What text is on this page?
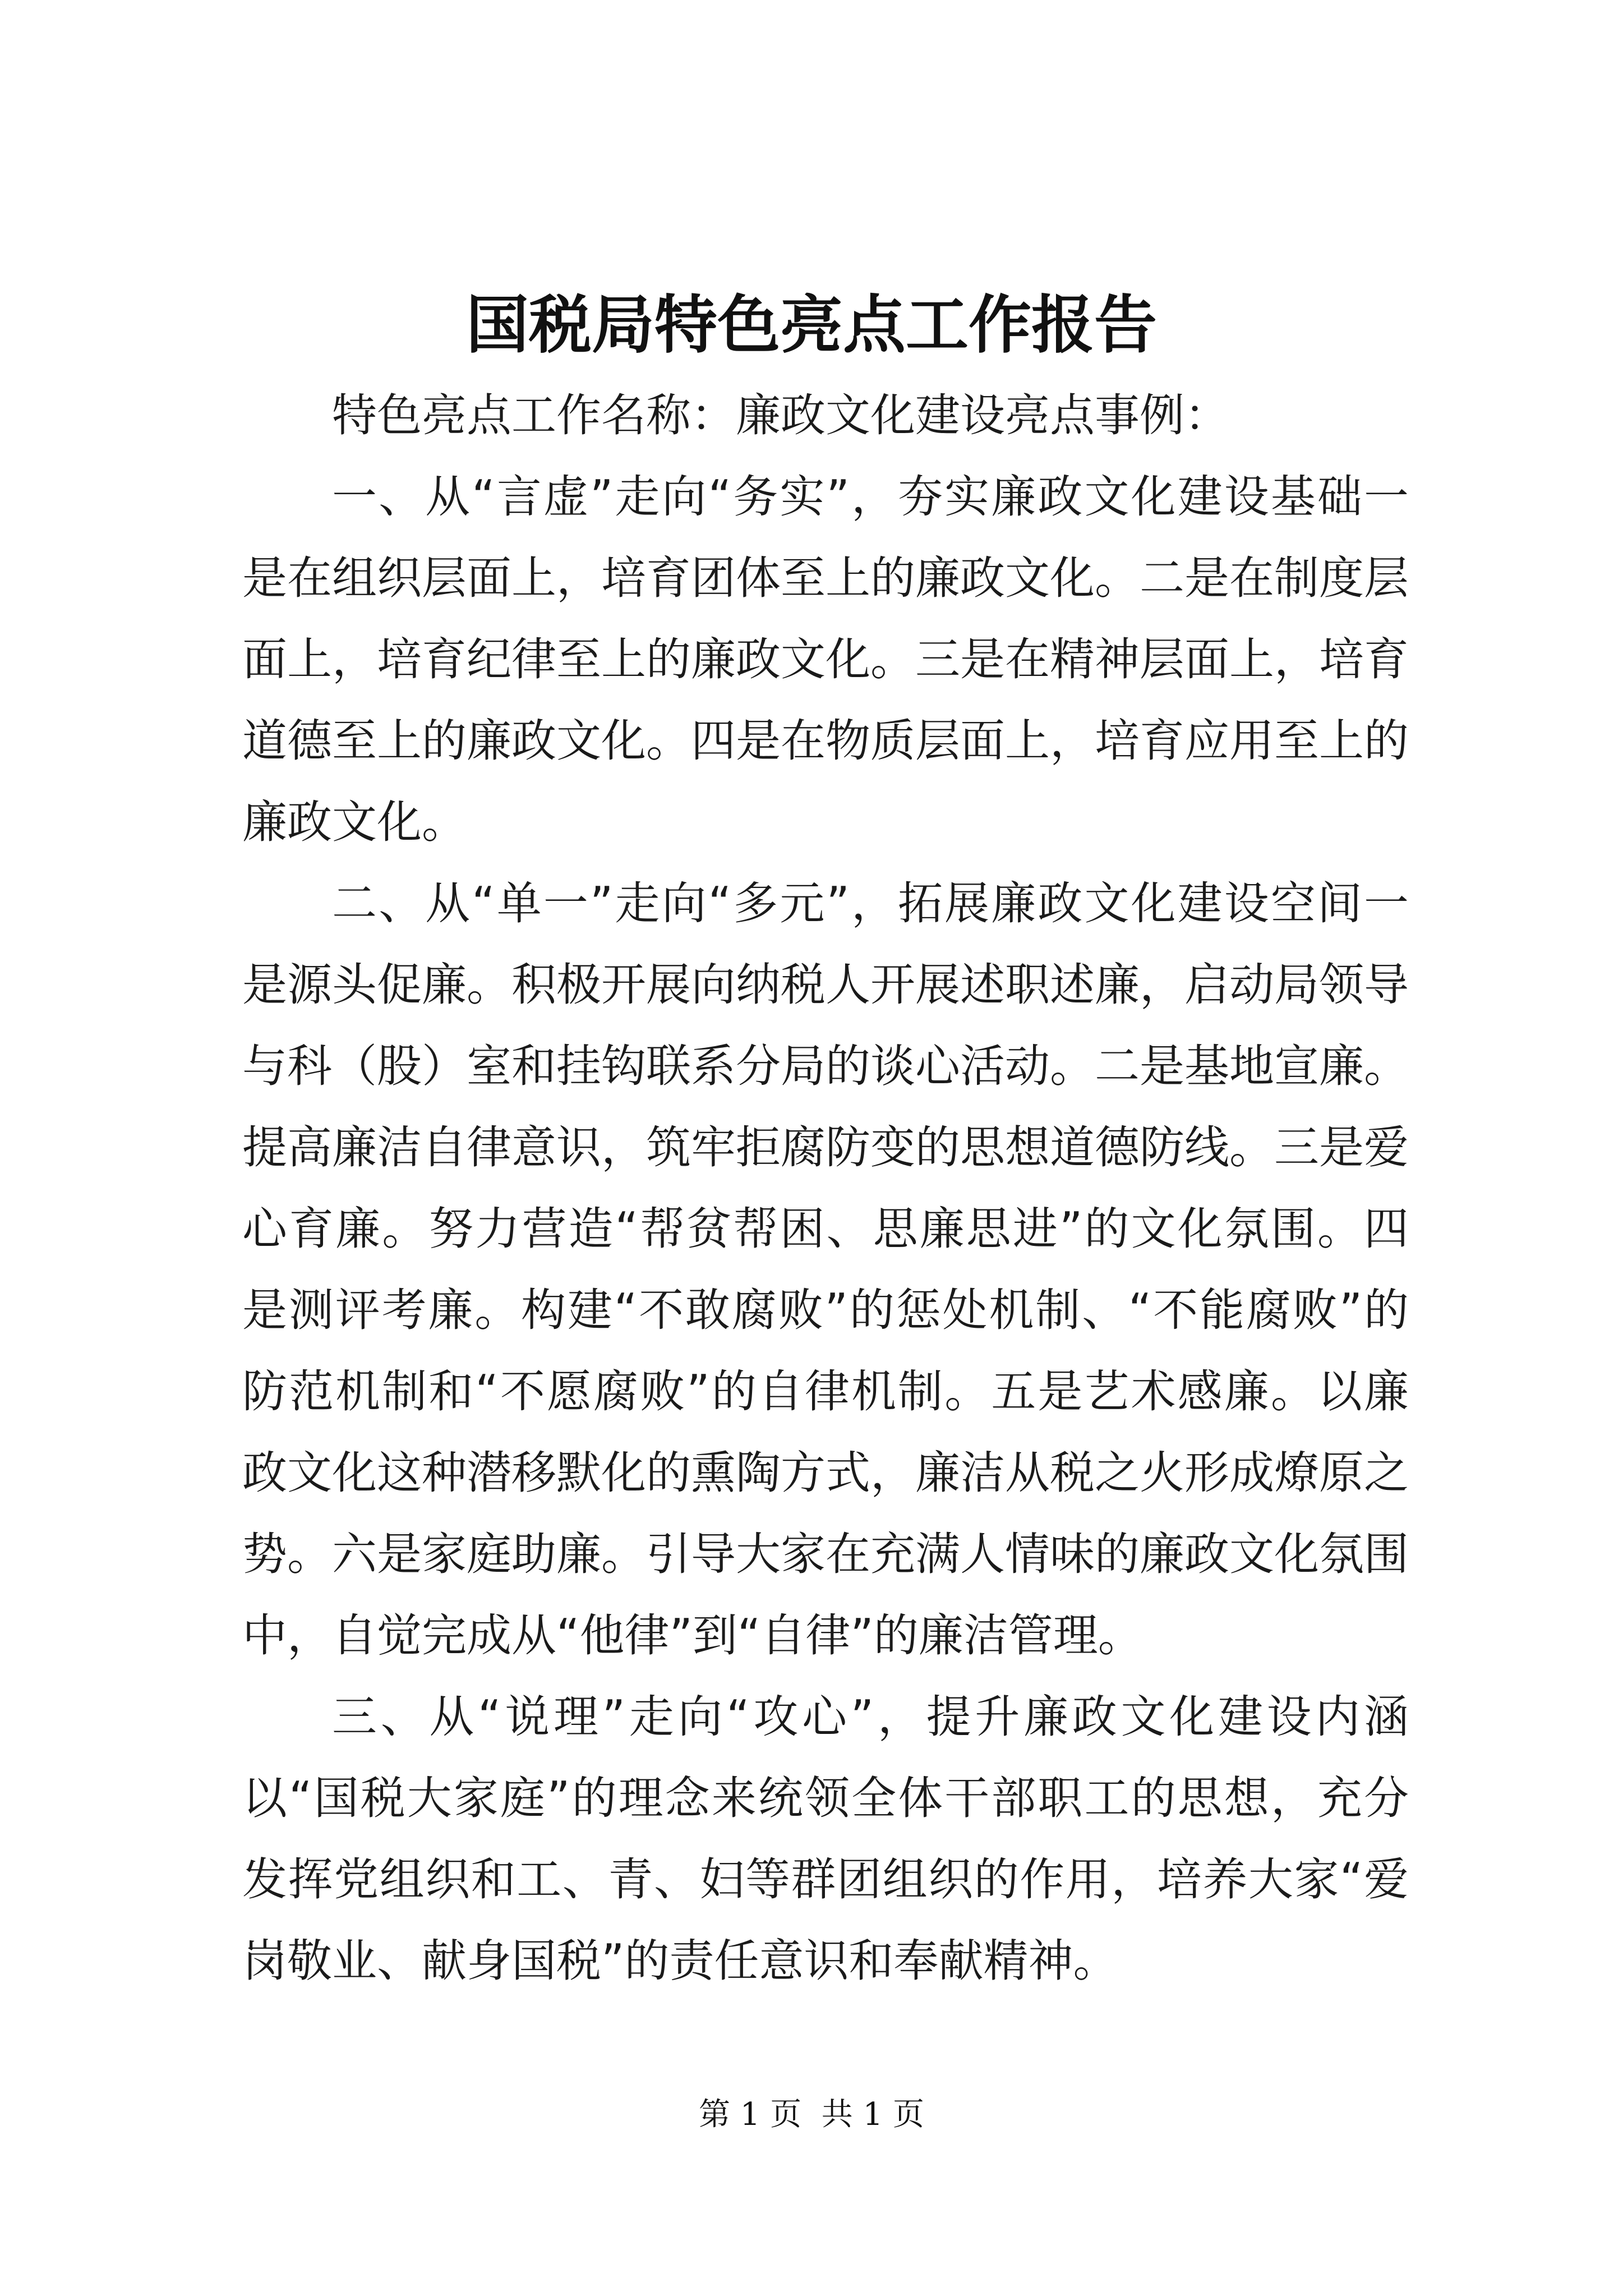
国税局特色亮点工作报告

特色亮点工作名称：廉政文化建设亮点事例：

一、从“言虚”走向“务实”，夯实廉政文化建设基础一是在组织层面上，培育团体至上的廉政文化。二是在制度层面上，培育纪律至上的廉政文化。三是在精神层面上，培育道德至上的廉政文化。四是在物质层面上，培育应用至上的廉政文化。

二、从“单一”走向“多元”，拓展廉政文化建设空间一是源头促廉。积极开展向纳税人开展述职述廉，启动局领导与科（股）室和挂钩联系分局的谈心活动。二是基地宣廉。提高廉洁自律意识，筑牢拒腐防变的思想道德防线。三是爱心育廉。努力营造“帮贫帮困、思廉思进”的文化氛围。四是测评考廉。构建“不敢腐败”的惩处机制、“不能腐败”的防范机制和“不愿腐败”的自律机制。五是艺术感廉。以廉政文化这种潜移默化的熏陶方式，廉洁从税之火形成燎原之势。六是家庭助廉。引导大家在充满人情味的廉政文化氛围中，自觉完成从“他律”到“自律”的廉洁管理。

三、从“说理”走向“攻心”，提升廉政文化建设内涵以“国税大家庭”的理念来统领全体干部职工的思想，充分发挥党组织和工、青、妇等群团组织的作用，培养大家“爱岗敬业、献身国税”的责任意识和奉献精神。

第 1 页  共 1 页
